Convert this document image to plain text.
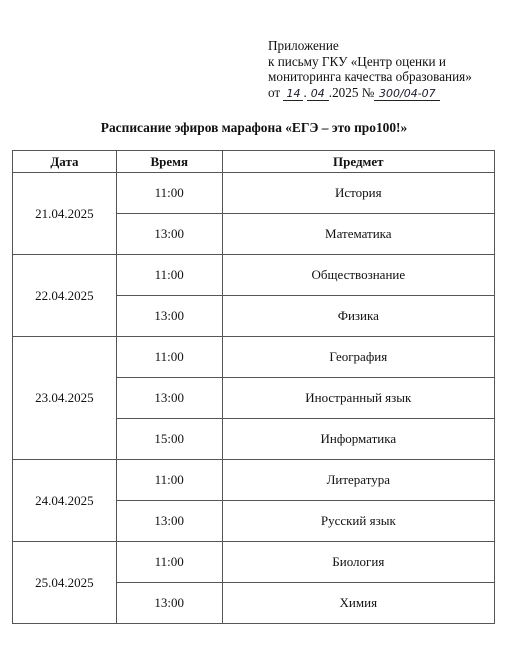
Приложение
к письму ГКУ «Центр оценки и
мониторинга качества образования»
от 14 . 04 .2025 № 300/04-07
Расписание эфиров марафона «ЕГЭ – это про100!»
Дата	Время	Предмет
21.04.2025	11:00	История
	13:00	Математика
22.04.2025	11:00	Обществознание
	13:00	Физика
23.04.2025	11:00	География
	13:00	Иностранный язык
	15:00	Информатика
24.04.2025	11:00	Литература
	13:00	Русский язык
25.04.2025	11:00	Биология
	13:00	Химия
